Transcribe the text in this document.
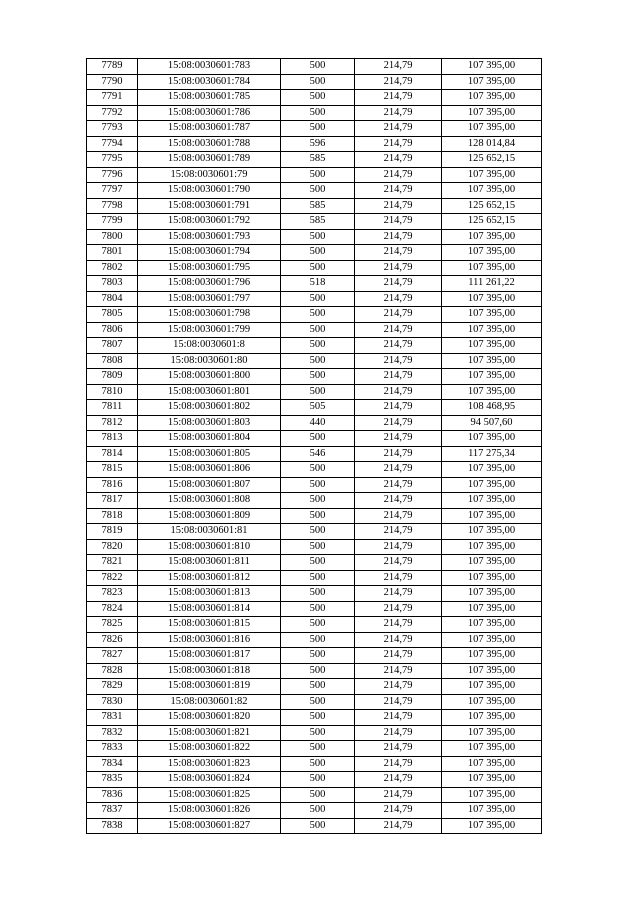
7789	15:08:0030601:783	500	214,79	107 395,00
7790	15:08:0030601:784	500	214,79	107 395,00
7791	15:08:0030601:785	500	214,79	107 395,00
7792	15:08:0030601:786	500	214,79	107 395,00
7793	15:08:0030601:787	500	214,79	107 395,00
7794	15:08:0030601:788	596	214,79	128 014,84
7795	15:08:0030601:789	585	214,79	125 652,15
7796	15:08:0030601:79	500	214,79	107 395,00
7797	15:08:0030601:790	500	214,79	107 395,00
7798	15:08:0030601:791	585	214,79	125 652,15
7799	15:08:0030601:792	585	214,79	125 652,15
7800	15:08:0030601:793	500	214,79	107 395,00
7801	15:08:0030601:794	500	214,79	107 395,00
7802	15:08:0030601:795	500	214,79	107 395,00
7803	15:08:0030601:796	518	214,79	111 261,22
7804	15:08:0030601:797	500	214,79	107 395,00
7805	15:08:0030601:798	500	214,79	107 395,00
7806	15:08:0030601:799	500	214,79	107 395,00
7807	15:08:0030601:8	500	214,79	107 395,00
7808	15:08:0030601:80	500	214,79	107 395,00
7809	15:08:0030601:800	500	214,79	107 395,00
7810	15:08:0030601:801	500	214,79	107 395,00
7811	15:08:0030601:802	505	214,79	108 468,95
7812	15:08:0030601:803	440	214,79	94 507,60
7813	15:08:0030601:804	500	214,79	107 395,00
7814	15:08:0030601:805	546	214,79	117 275,34
7815	15:08:0030601:806	500	214,79	107 395,00
7816	15:08:0030601:807	500	214,79	107 395,00
7817	15:08:0030601:808	500	214,79	107 395,00
7818	15:08:0030601:809	500	214,79	107 395,00
7819	15:08:0030601:81	500	214,79	107 395,00
7820	15:08:0030601:810	500	214,79	107 395,00
7821	15:08:0030601:811	500	214,79	107 395,00
7822	15:08:0030601:812	500	214,79	107 395,00
7823	15:08:0030601:813	500	214,79	107 395,00
7824	15:08:0030601:814	500	214,79	107 395,00
7825	15:08:0030601:815	500	214,79	107 395,00
7826	15:08:0030601:816	500	214,79	107 395,00
7827	15:08:0030601:817	500	214,79	107 395,00
7828	15:08:0030601:818	500	214,79	107 395,00
7829	15:08:0030601:819	500	214,79	107 395,00
7830	15:08:0030601:82	500	214,79	107 395,00
7831	15:08:0030601:820	500	214,79	107 395,00
7832	15:08:0030601:821	500	214,79	107 395,00
7833	15:08:0030601:822	500	214,79	107 395,00
7834	15:08:0030601:823	500	214,79	107 395,00
7835	15:08:0030601:824	500	214,79	107 395,00
7836	15:08:0030601:825	500	214,79	107 395,00
7837	15:08:0030601:826	500	214,79	107 395,00
7838	15:08:0030601:827	500	214,79	107 395,00
